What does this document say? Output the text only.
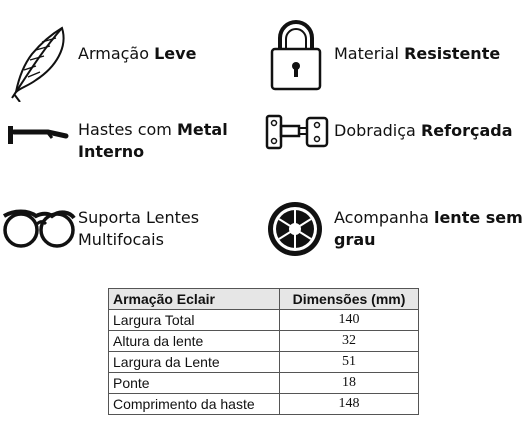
Armação Leve	Material Resistente
Hastes com Metal
Interno
Dobradiça Reforçada
Suporta Lentes
Multifocais
Acompanha lente sem
grau
Armação Eclair	Dimensões (mm)
Largura Total	140
Altura da lente	32
Largura da Lente	51
Ponte	18
Comprimento da haste	148
